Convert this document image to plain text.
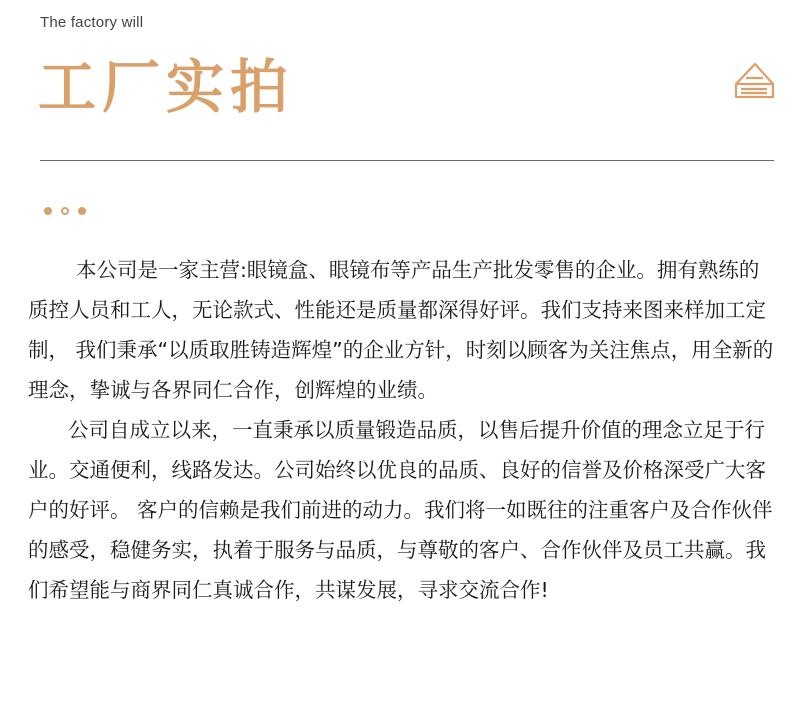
The factory will
工厂实拍

本公司是一家主营:眼镜盒、眼镜布等产品生产批发零售的企业。拥有熟练的质控人员和工人，无论款式、性能还是质量都深得好评。我们支持来图来样加工定制， 我们秉承“以质取胜铸造辉煌”的企业方针，时刻以顾客为关注焦点，用全新的理念，挚诚与各界同仁合作，创辉煌的业绩。

公司自成立以来，一直秉承以质量锻造品质，以售后提升价值的理念立足于行业。交通便利，线路发达。公司始终以优良的品质、良好的信誉及价格深受广大客户的好评。 客户的信赖是我们前进的动力。我们将一如既往的注重客户及合作伙伴的感受，稳健务实，执着于服务与品质，与尊敬的客户、合作伙伴及员工共赢。我们希望能与商界同仁真诚合作，共谋发展，寻求交流合作!
